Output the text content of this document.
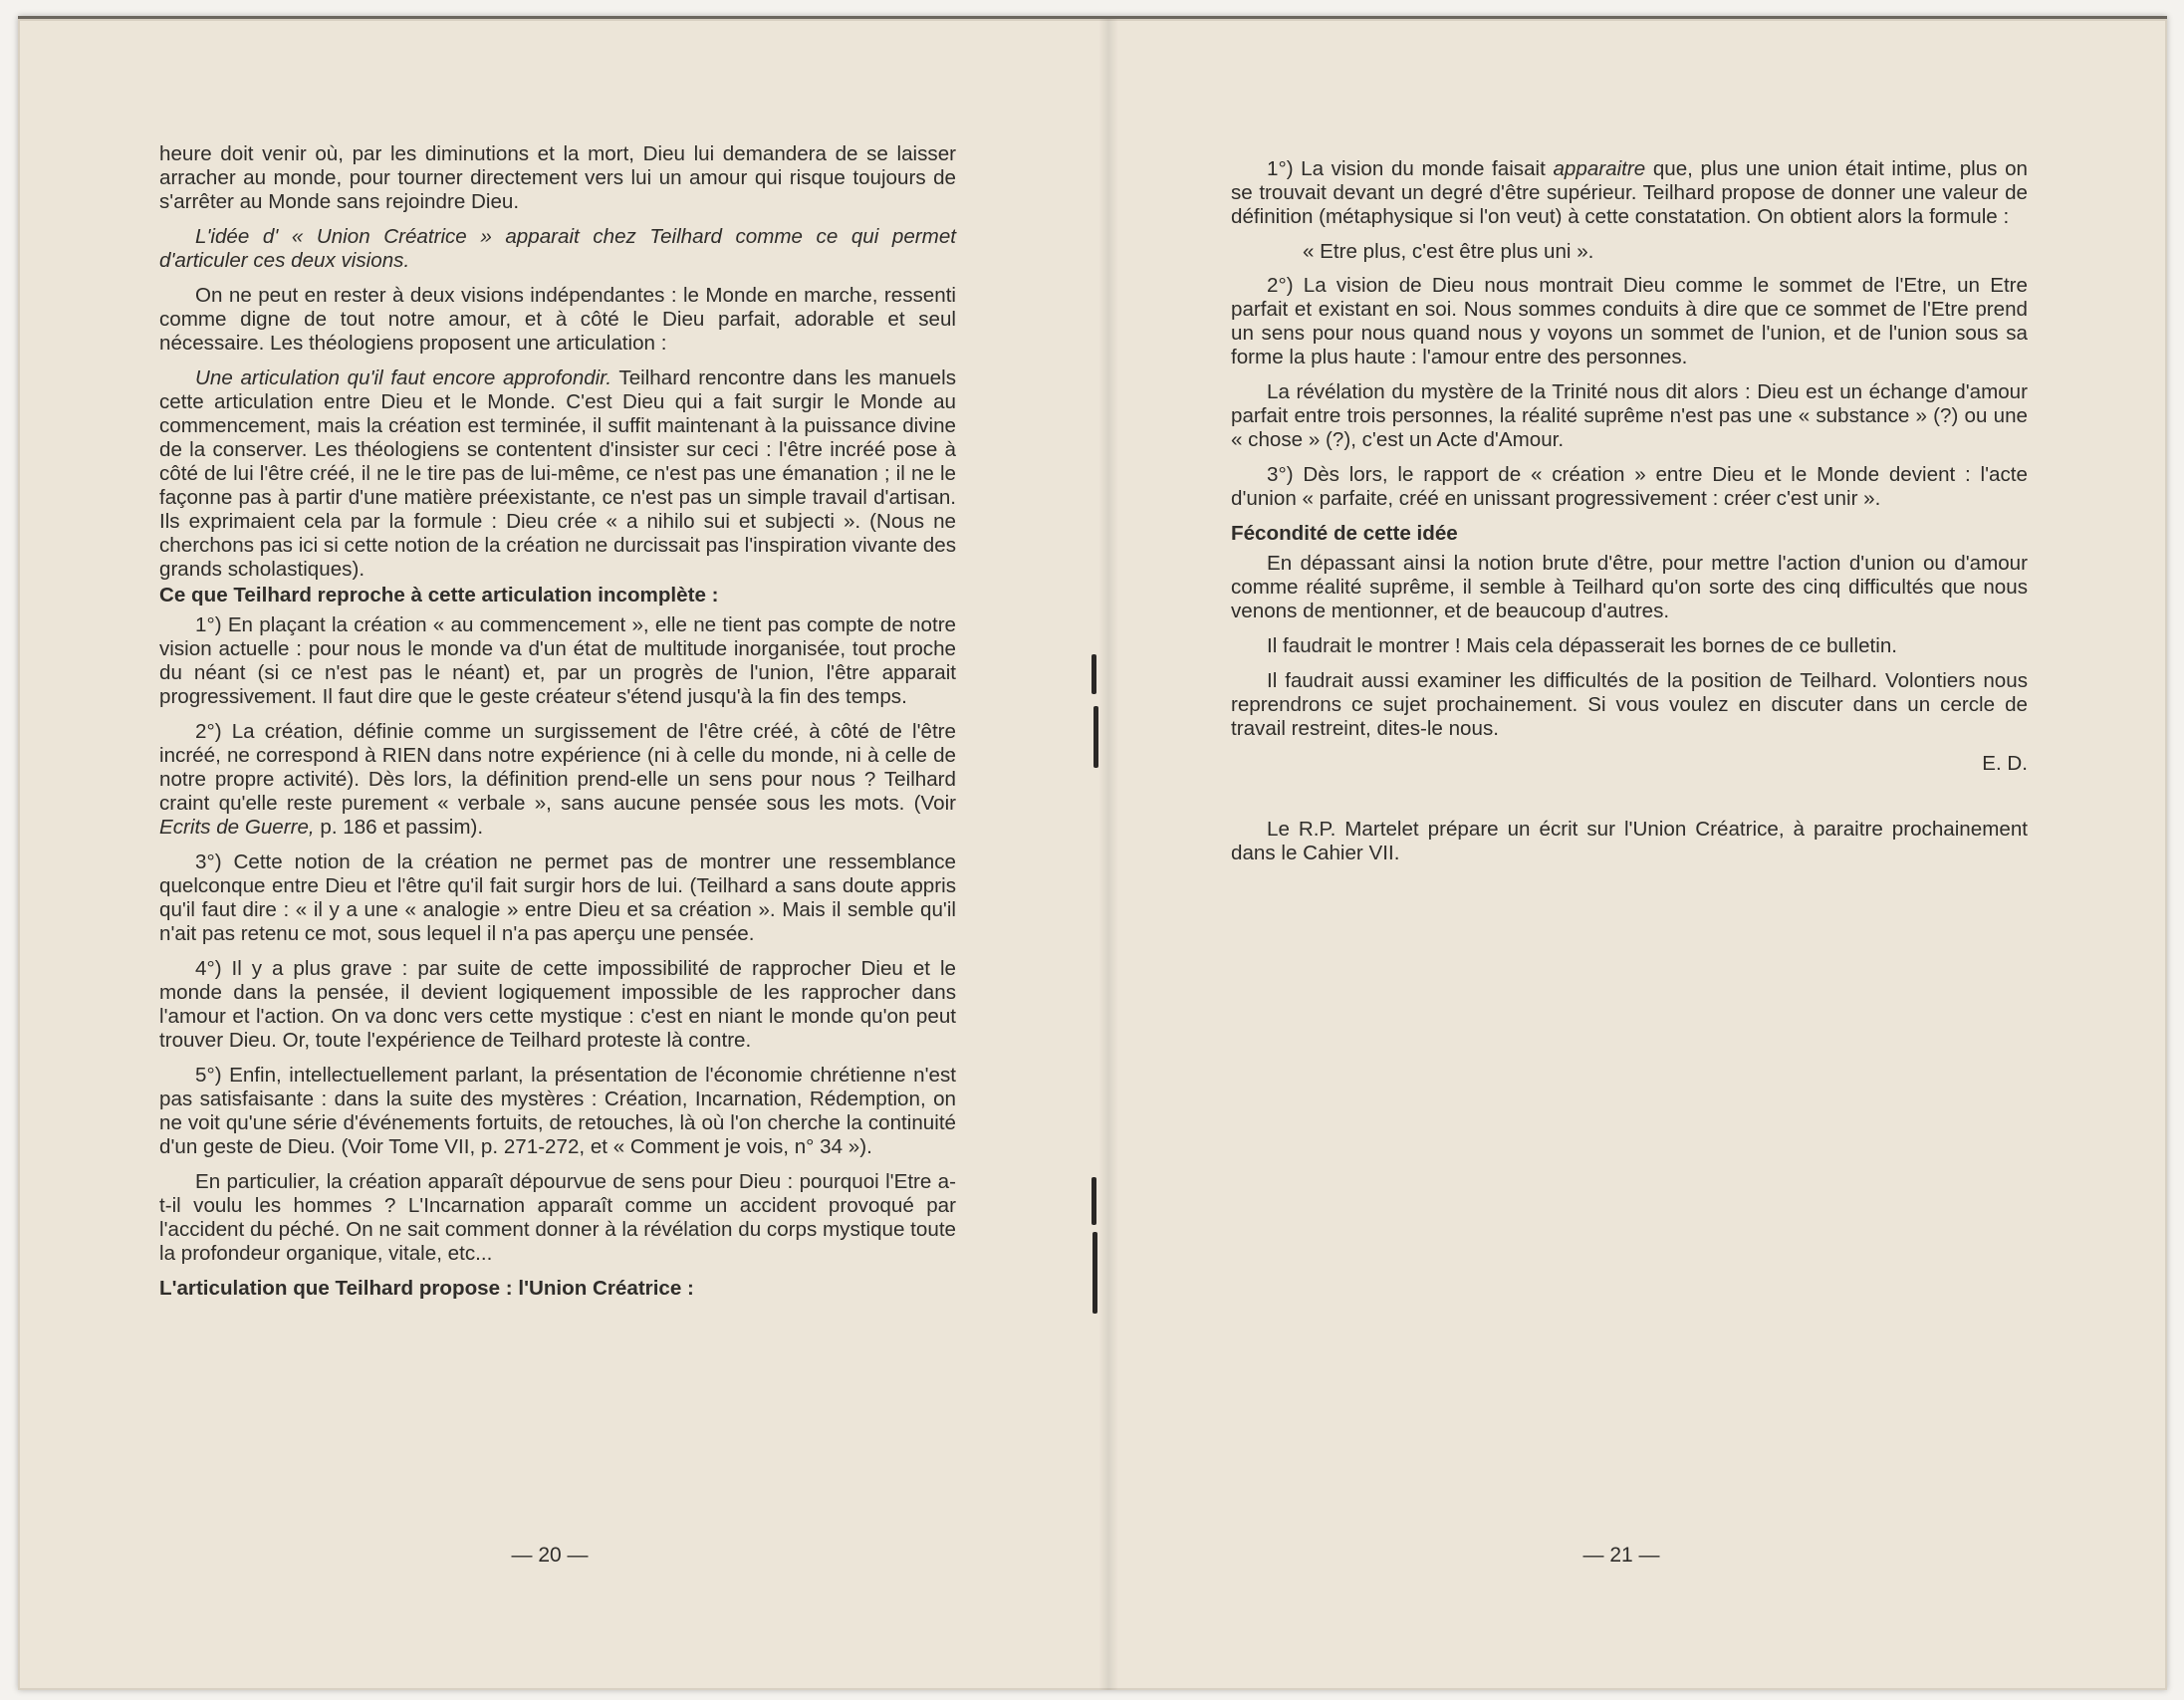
heure doit venir où, par les diminutions et la mort, Dieu lui demandera de se laisser arracher au monde, pour tourner directement vers lui un amour qui risque toujours de s'arrêter au Monde sans rejoindre Dieu.

L'idée d' « Union Créatrice » apparait chez Teilhard comme ce qui permet d'articuler ces deux visions.

On ne peut en rester à deux visions indépendantes : le Monde en marche, ressenti comme digne de tout notre amour, et à côté le Dieu parfait, adorable et seul nécessaire. Les théologiens proposent une articulation :

Une articulation qu'il faut encore approfondir. Teilhard rencontre dans les manuels cette articulation entre Dieu et le Monde. C'est Dieu qui a fait surgir le Monde au commencement, mais la création est terminée, il suffit maintenant à la puissance divine de la conserver. Les théologiens se contentent d'insister sur ceci : l'être incréé pose à côté de lui l'être créé, il ne le tire pas de lui-même, ce n'est pas une émanation ; il ne le façonne pas à partir d'une matière préexistante, ce n'est pas un simple travail d'artisan. Ils exprimaient cela par la formule : Dieu crée « a nihilo sui et subjecti ». (Nous ne cherchons pas ici si cette notion de la création ne durcissait pas l'inspiration vivante des grands scholastiques).

Ce que Teilhard reproche à cette articulation incomplète :

1°) En plaçant la création « au commencement », elle ne tient pas compte de notre vision actuelle : pour nous le monde va d'un état de multitude inorganisée, tout proche du néant (si ce n'est pas le néant) et, par un progrès de l'union, l'être apparait progressivement. Il faut dire que le geste créateur s'étend jusqu'à la fin des temps.

2°) La création, définie comme un surgissement de l'être créé, à côté de l'être incréé, ne correspond à RIEN dans notre expérience (ni à celle du monde, ni à celle de notre propre activité). Dès lors, la définition prend-elle un sens pour nous ? Teilhard craint qu'elle reste purement « verbale », sans aucune pensée sous les mots. (Voir Ecrits de Guerre, p. 186 et passim).

3°) Cette notion de la création ne permet pas de montrer une ressemblance quelconque entre Dieu et l'être qu'il fait surgir hors de lui. (Teilhard a sans doute appris qu'il faut dire : « il y a une « analogie » entre Dieu et sa création ». Mais il semble qu'il n'ait pas retenu ce mot, sous lequel il n'a pas aperçu une pensée.

4°) Il y a plus grave : par suite de cette impossibilité de rapprocher Dieu et le monde dans la pensée, il devient logiquement impossible de les rapprocher dans l'amour et l'action. On va donc vers cette mystique : c'est en niant le monde qu'on peut trouver Dieu. Or, toute l'expérience de Teilhard proteste là contre.

5°) Enfin, intellectuellement parlant, la présentation de l'économie chrétienne n'est pas satisfaisante : dans la suite des mystères : Création, Incarnation, Rédemption, on ne voit qu'une série d'événements fortuits, de retouches, là où l'on cherche la continuité d'un geste de Dieu. (Voir Tome VII, p. 271-272, et « Comment je vois, n° 34 »).

En particulier, la création apparaît dépourvue de sens pour Dieu : pourquoi l'Etre a-t-il voulu les hommes ? L'Incarnation apparaît comme un accident provoqué par l'accident du péché. On ne sait comment donner à la révélation du corps mystique toute la profondeur organique, vitale, etc...

L'articulation que Teilhard propose : l'Union Créatrice :
— 20 —

1°) La vision du monde faisait apparaitre que, plus une union était intime, plus on se trouvait devant un degré d'être supérieur. Teilhard propose de donner une valeur de définition (métaphysique si l'on veut) à cette constatation. On obtient alors la formule :

« Etre plus, c'est être plus uni ».

2°) La vision de Dieu nous montrait Dieu comme le sommet de l'Etre, un Etre parfait et existant en soi. Nous sommes conduits à dire que ce sommet de l'Etre prend un sens pour nous quand nous y voyons un sommet de l'union, et de l'union sous sa forme la plus haute : l'amour entre des personnes.

La révélation du mystère de la Trinité nous dit alors : Dieu est un échange d'amour parfait entre trois personnes, la réalité suprême n'est pas une « substance » (?) ou une « chose » (?), c'est un Acte d'Amour.

3°) Dès lors, le rapport de « création » entre Dieu et le Monde devient : l'acte d'union « parfaite, créé en unissant progressivement : créer c'est unir ».

Fécondité de cette idée

En dépassant ainsi la notion brute d'être, pour mettre l'action d'union ou d'amour comme réalité suprême, il semble à Teilhard qu'on sorte des cinq difficultés que nous venons de mentionner, et de beaucoup d'autres.

Il faudrait le montrer ! Mais cela dépasserait les bornes de ce bulletin.

Il faudrait aussi examiner les difficultés de la position de Teilhard. Volontiers nous reprendrons ce sujet prochainement. Si vous voulez en discuter dans un cercle de travail restreint, dites-le nous.

E. D.

Le R.P. Martelet prépare un écrit sur l'Union Créatrice, à paraitre prochainement dans le Cahier VII.

— 21 —
